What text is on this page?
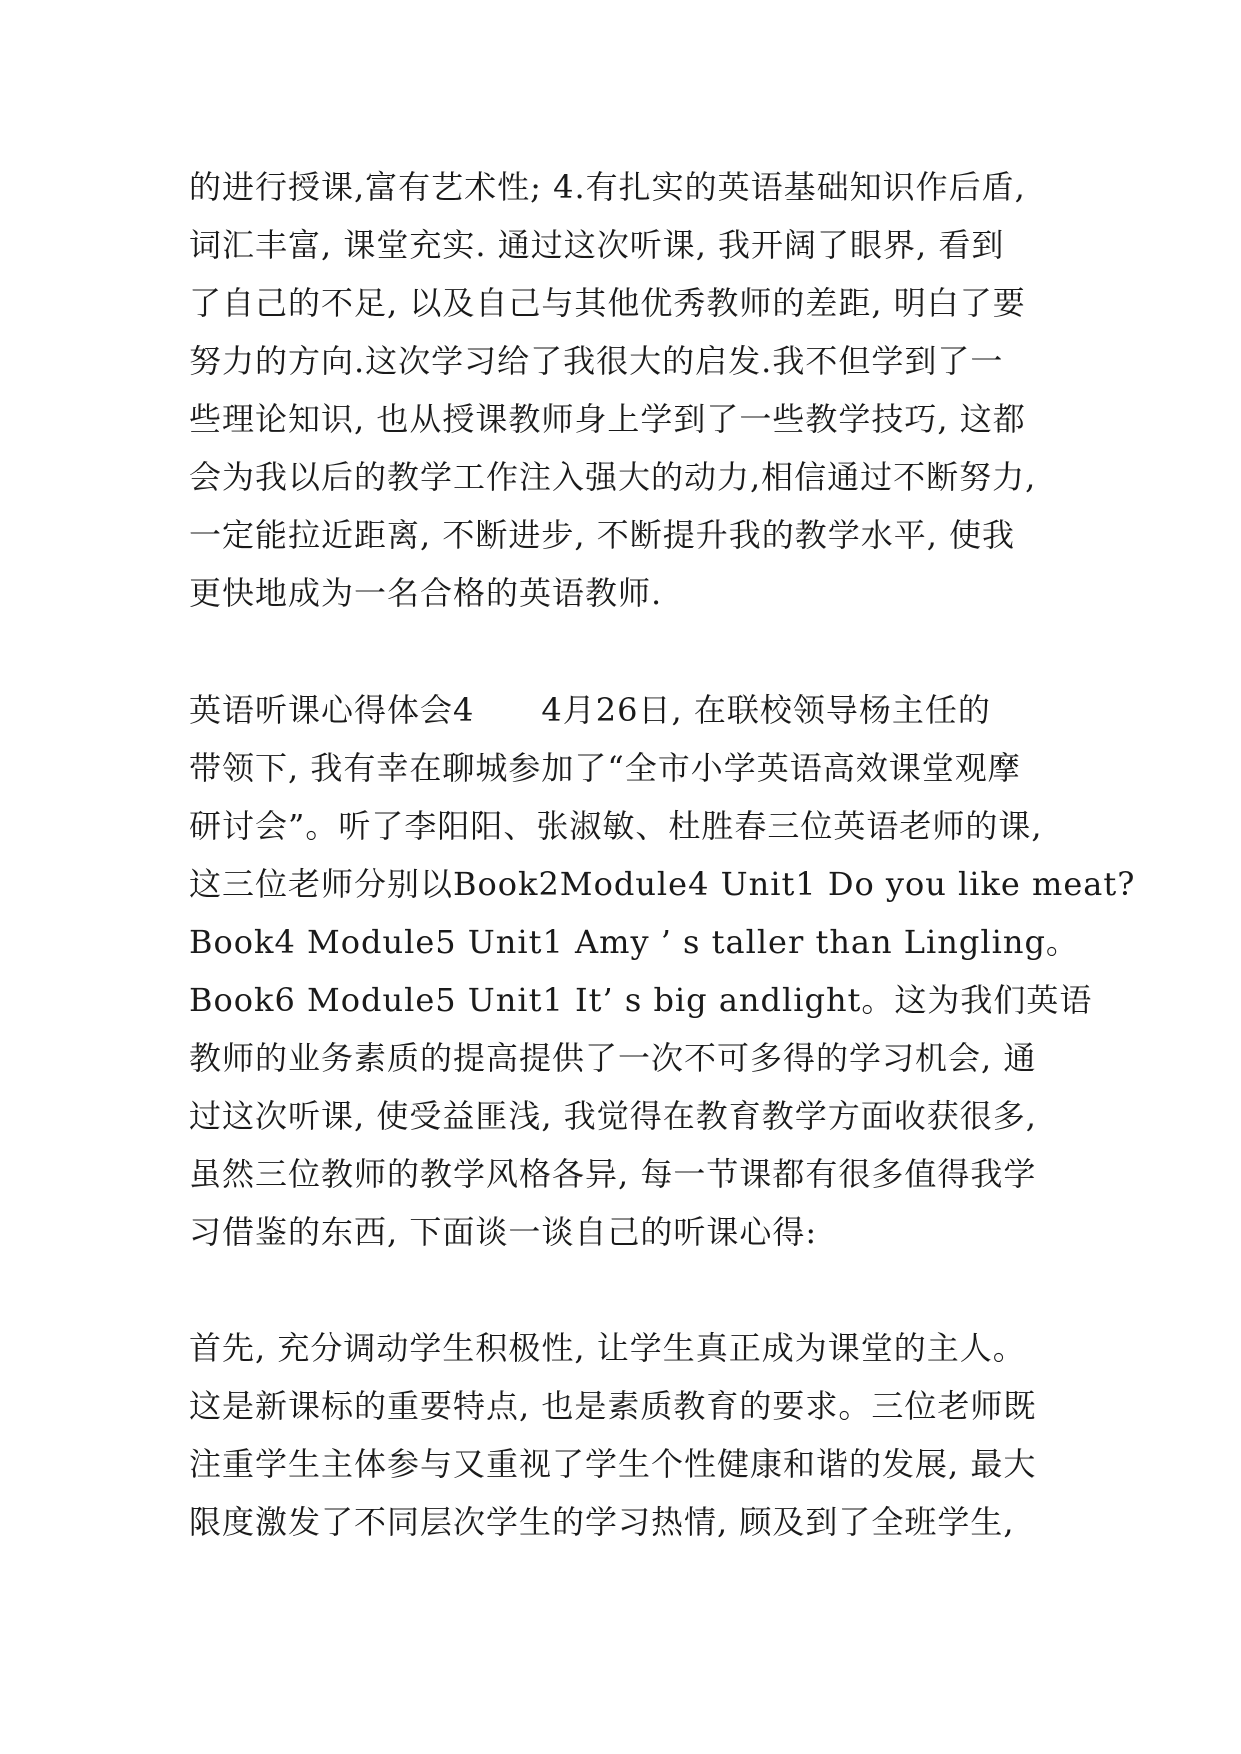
的进行授课,富有艺术性; 4.有扎实的英语基础知识作后盾,
词汇丰富, 课堂充实. 通过这次听课, 我开阔了眼界, 看到
了自己的不足, 以及自己与其他优秀教师的差距, 明白了要
努力的方向.这次学习给了我很大的启发.我不但学到了一
些理论知识, 也从授课教师身上学到了一些教学技巧, 这都
会为我以后的教学工作注入强大的动力,相信通过不断努力,
一定能拉近距离, 不断进步, 不断提升我的教学水平, 使我
更快地成为一名合格的英语教师.
英语听课心得体会4      4月26日, 在联校领导杨主任的
带领下, 我有幸在聊城参加了“全市小学英语高效课堂观摩
研讨会”。听了李阳阳、张淑敏、杜胜春三位英语老师的课,
这三位老师分别以Book2Module4 Unit1 Do you like meat?
Book4 Module5 Unit1 Amy ’ s taller than Lingling。
Book6 Module5 Unit1 It’ s big andlight。这为我们英语
教师的业务素质的提高提供了一次不可多得的学习机会, 通
过这次听课, 使受益匪浅, 我觉得在教育教学方面收获很多,
虽然三位教师的教学风格各异, 每一节课都有很多值得我学
习借鉴的东西, 下面谈一谈自己的听课心得:
首先, 充分调动学生积极性, 让学生真正成为课堂的主人。
这是新课标的重要特点, 也是素质教育的要求。三位老师既
注重学生主体参与又重视了学生个性健康和谐的发展, 最大
限度激发了不同层次学生的学习热情, 顾及到了全班学生,
